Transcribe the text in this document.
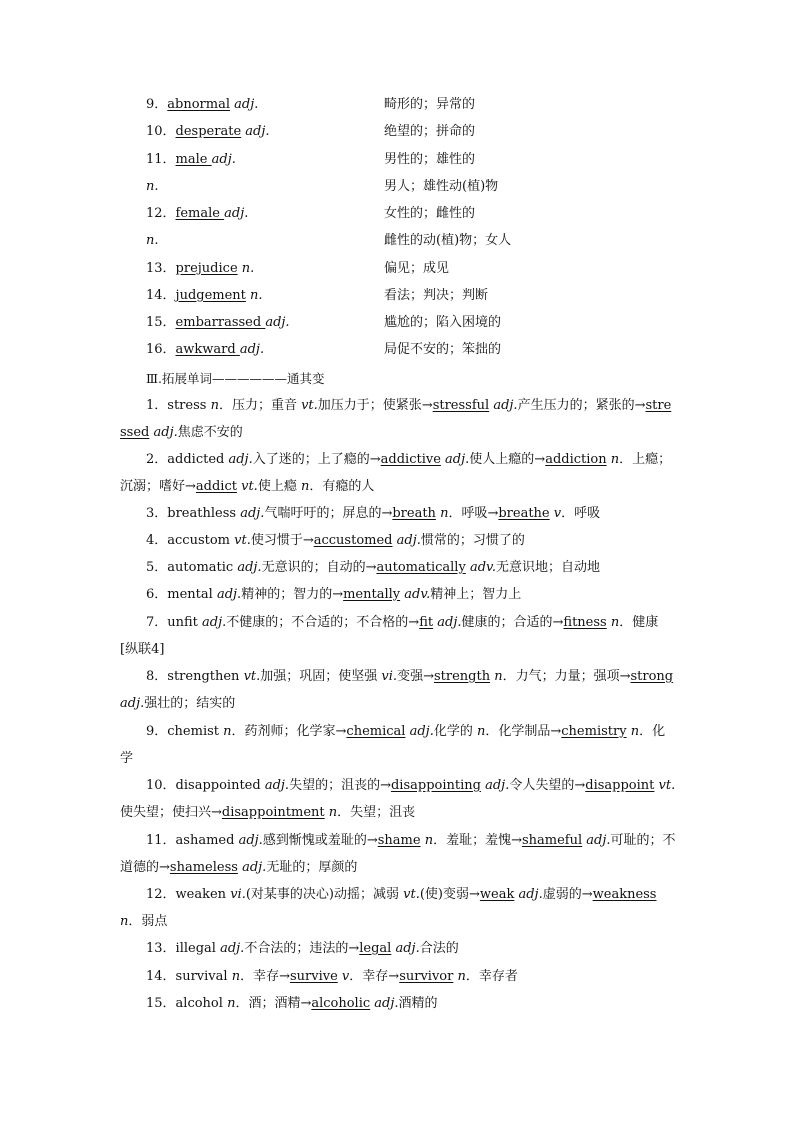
9．abnormal adj.	畸形的；异常的
10．desperate adj.	绝望的；拼命的
11．male adj.	男性的；雄性的
n.	男人；雄性动(植)物
12．female adj.	女性的；雌性的
n.	雌性的动(植)物；女人
13．prejudice n.	偏见；成见
14．judgement n.	看法；判决；判断
15．embarrassed adj.	尴尬的；陷入困境的
16．awkward adj.	局促不安的；笨拙的
Ⅲ.拓展单词——————通其变
1．stress n．压力；重音 vt.加压力于；使紧张→stressful adj.产生压力的；紧张的→stressed adj.焦虑不安的
2．addicted adj.入了迷的；上了瘾的→addictive adj.使人上瘾的→addiction n．上瘾；沉溺；嗜好→addict vt.使上瘾 n．有瘾的人
3．breathless adj.气喘吁吁的；屏息的→breath n．呼吸→breathe v．呼吸
4．accustom vt.使习惯于→accustomed adj.惯常的；习惯了的
5．automatic adj.无意识的；自动的→automatically adv.无意识地；自动地
6．mental adj.精神的；智力的→mentally adv.精神上；智力上
7．unfit adj.不健康的；不合适的；不合格的→fit adj.健康的；合适的→fitness n．健康[纵联4]
8．strengthen vt.加强；巩固；使坚强 vi.变强→strength n．力气；力量；强项→strong adj.强壮的；结实的
9．chemist n．药剂师；化学家→chemical adj.化学的 n．化学制品→chemistry n．化学
10．disappointed adj.失望的；沮丧的→disappointing adj.令人失望的→disappoint vt.使失望；使扫兴→disappointment n．失望；沮丧
11．ashamed adj.感到惭愧或羞耻的→shame n．羞耻；羞愧→shameful adj.可耻的；不道德的→shameless adj.无耻的；厚颜的
12．weaken vi.(对某事的决心)动摇；减弱 vt.(使)变弱→weak adj.虚弱的→weakness n．弱点
13．illegal adj.不合法的；违法的→legal adj.合法的
14．survival n．幸存→survive v．幸存→survivor n．幸存者
15．alcohol n．酒；酒精→alcoholic adj.酒精的
